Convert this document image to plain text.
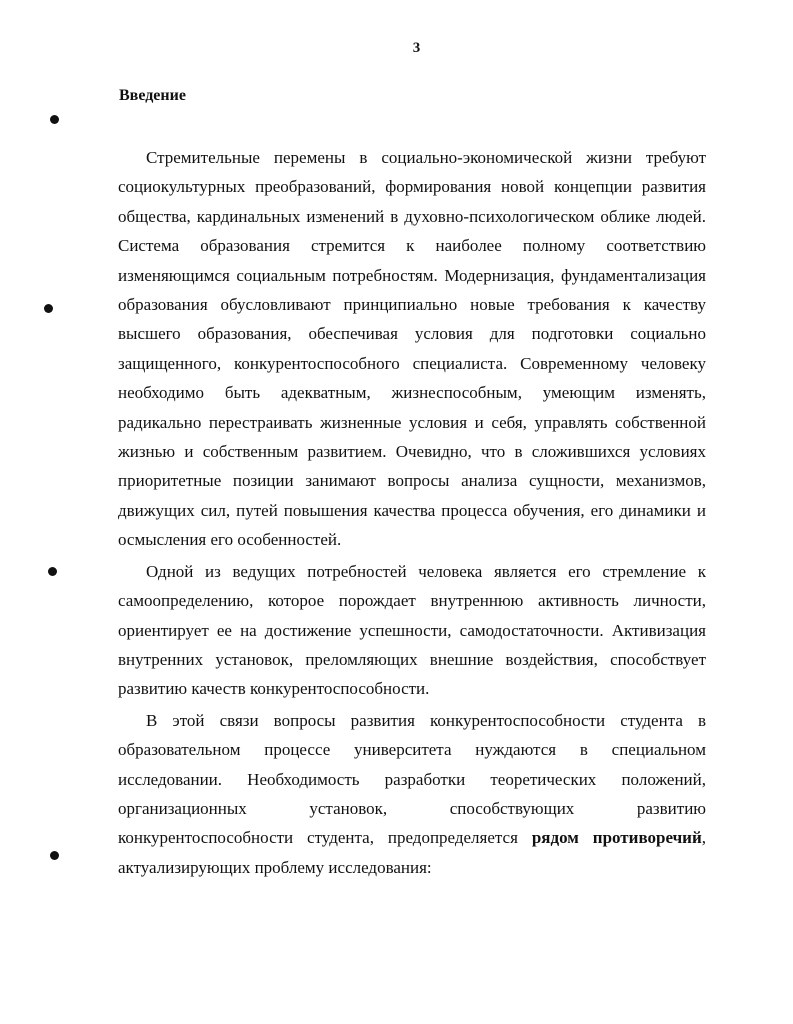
3
Введение

Стремительные перемены в социально-экономической жизни требуют социокультурных преобразований, формирования новой концепции развития общества, кардинальных изменений в духовно-психологическом облике людей. Система образования стремится к наиболее полному соответствию изменяющимся социальным потребностям. Модернизация, фундаментализация образования обусловливают принципиально новые требования к качеству высшего образования, обеспечивая условия для подготовки социально защищенного, конкурентоспособного специалиста. Современному человеку необходимо быть адекватным, жизнеспособным, умеющим изменять, радикально перестраивать жизненные условия и себя, управлять собственной жизнью и собственным развитием. Очевидно, что в сложившихся условиях приоритетные позиции занимают вопросы анализа сущности, механизмов, движущих сил, путей повышения качества процесса обучения, его динамики и осмысления его особенностей.

Одной из ведущих потребностей человека является его стремление к самоопределению, которое порождает внутреннюю активность личности, ориентирует ее на достижение успешности, самодостаточности. Активизация внутренних установок, преломляющих внешние воздействия, способствует развитию качеств конкурентоспособности.

В этой связи вопросы развития конкурентоспособности студента в образовательном процессе университета нуждаются в специальном исследовании. Необходимость разработки теоретических положений, организационных установок, способствующих развитию конкурентоспособности студента, предопределяется рядом противоречий, актуализирующих проблему исследования:
